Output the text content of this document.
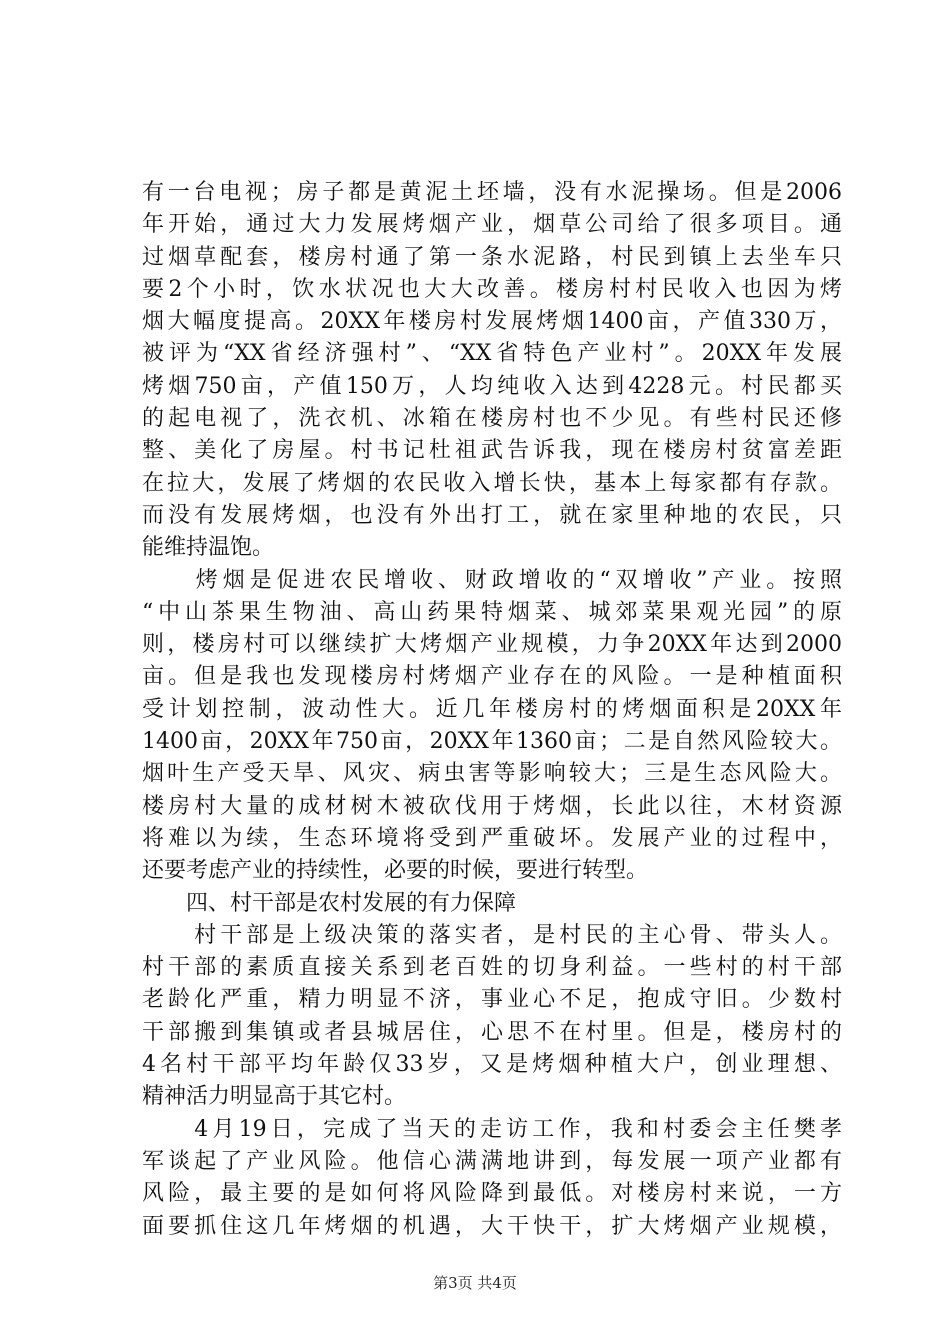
有一台电视；房子都是黄泥土坯墙，没有水泥操场。但是2006
年开始，通过大力发展烤烟产业，烟草公司给了很多项目。通
过烟草配套，楼房村通了第一条水泥路，村民到镇上去坐车只
要2个小时，饮水状况也大大改善。楼房村村民收入也因为烤
烟大幅度提高。20XX年楼房村发展烤烟1400亩，产值330万，
被评为“XX省经济强村”、“XX省特色产业村”。20XX年发展
烤烟750亩，产值150万，人均纯收入达到4228元。村民都买
的起电视了，洗衣机、冰箱在楼房村也不少见。有些村民还修
整、美化了房屋。村书记杜祖武告诉我，现在楼房村贫富差距
在拉大，发展了烤烟的农民收入增长快，基本上每家都有存款。
而没有发展烤烟，也没有外出打工，就在家里种地的农民，只
能维持温饱。
　　烤烟是促进农民增收、财政增收的“双增收”产业。按照
“中山茶果生物油、高山药果特烟菜、城郊菜果观光园”的原
则，楼房村可以继续扩大烤烟产业规模，力争20XX年达到2000
亩。但是我也发现楼房村烤烟产业存在的风险。一是种植面积
受计划控制，波动性大。近几年楼房村的烤烟面积是20XX年
1400亩，20XX年750亩，20XX年1360亩；二是自然风险较大。
烟叶生产受天旱、风灾、病虫害等影响较大；三是生态风险大。
楼房村大量的成材树木被砍伐用于烤烟，长此以往，木材资源
将难以为续，生态环境将受到严重破坏。发展产业的过程中，
还要考虑产业的持续性，必要的时候，要进行转型。
　　四、村干部是农村发展的有力保障
　　村干部是上级决策的落实者，是村民的主心骨、带头人。
村干部的素质直接关系到老百姓的切身利益。一些村的村干部
老龄化严重，精力明显不济，事业心不足，抱成守旧。少数村
干部搬到集镇或者县城居住，心思不在村里。但是，楼房村的
4名村干部平均年龄仅33岁，又是烤烟种植大户，创业理想、
精神活力明显高于其它村。
　　4月19日，完成了当天的走访工作，我和村委会主任樊孝
军谈起了产业风险。他信心满满地讲到，每发展一项产业都有
风险，最主要的是如何将风险降到最低。对楼房村来说，一方
面要抓住这几年烤烟的机遇，大干快干，扩大烤烟产业规模，
第3页 共4页
